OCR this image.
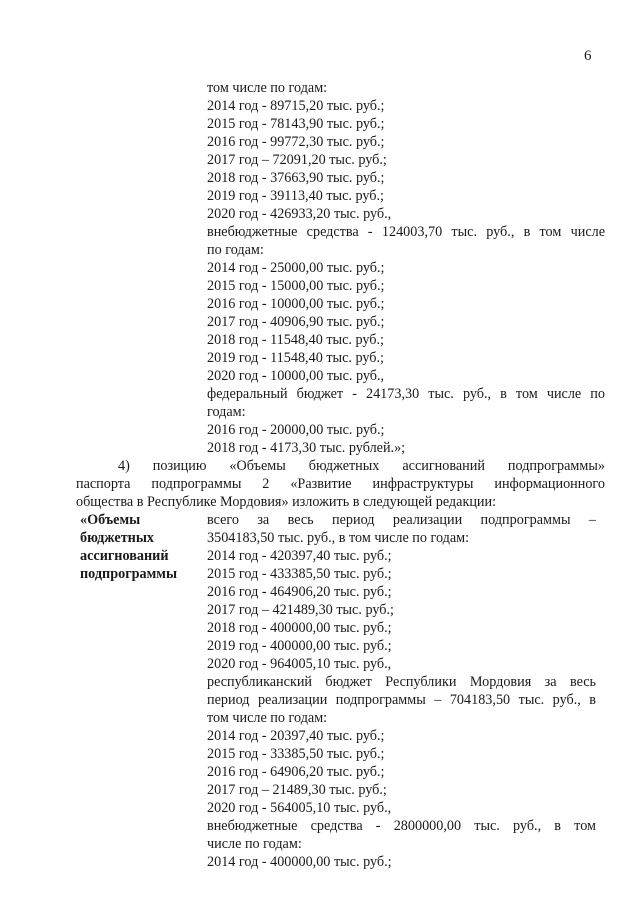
6
том числе по годам:
2014 год - 89715,20 тыс. руб.;
2015 год - 78143,90 тыс. руб.;
2016 год - 99772,30 тыс. руб.;
2017 год – 72091,20 тыс. руб.;
2018 год - 37663,90 тыс. руб.;
2019 год - 39113,40 тыс. руб.;
2020 год - 426933,20 тыс. руб.,
внебюджетные средства - 124003,70 тыс. руб., в том числе
по годам:
2014 год - 25000,00 тыс. руб.;
2015 год - 15000,00 тыс. руб.;
2016 год - 10000,00 тыс. руб.;
2017 год - 40906,90 тыс. руб.;
2018 год - 11548,40 тыс. руб.;
2019 год - 11548,40 тыс. руб.;
2020 год - 10000,00 тыс. руб.,
федеральный бюджет - 24173,30 тыс. руб., в том числе по
годам:
2016 год - 20000,00 тыс. руб.;
2018 год - 4173,30 тыс. рублей.»;
4) позицию «Объемы бюджетных ассигнований подпрограммы»
паспорта подпрограммы 2 «Развитие инфраструктуры информационного
общества в Республике Мордовия» изложить в следующей редакции:
«Объемы
бюджетных
ассигнований
подпрограммы
всего за весь период реализации подпрограммы –
3504183,50 тыс. руб., в том числе по годам:
2014 год - 420397,40 тыс. руб.;
2015 год - 433385,50 тыс. руб.;
2016 год - 464906,20 тыс. руб.;
2017 год – 421489,30 тыс. руб.;
2018 год - 400000,00 тыс. руб.;
2019 год - 400000,00 тыс. руб.;
2020 год - 964005,10 тыс. руб.,
республиканский бюджет Республики Мордовия за весь
период реализации подпрограммы – 704183,50 тыс. руб., в
том числе по годам:
2014 год - 20397,40 тыс. руб.;
2015 год - 33385,50 тыс. руб.;
2016 год - 64906,20 тыс. руб.;
2017 год – 21489,30 тыс. руб.;
2020 год - 564005,10 тыс. руб.,
внебюджетные средства - 2800000,00 тыс. руб., в том
числе по годам:
2014 год - 400000,00 тыс. руб.;
